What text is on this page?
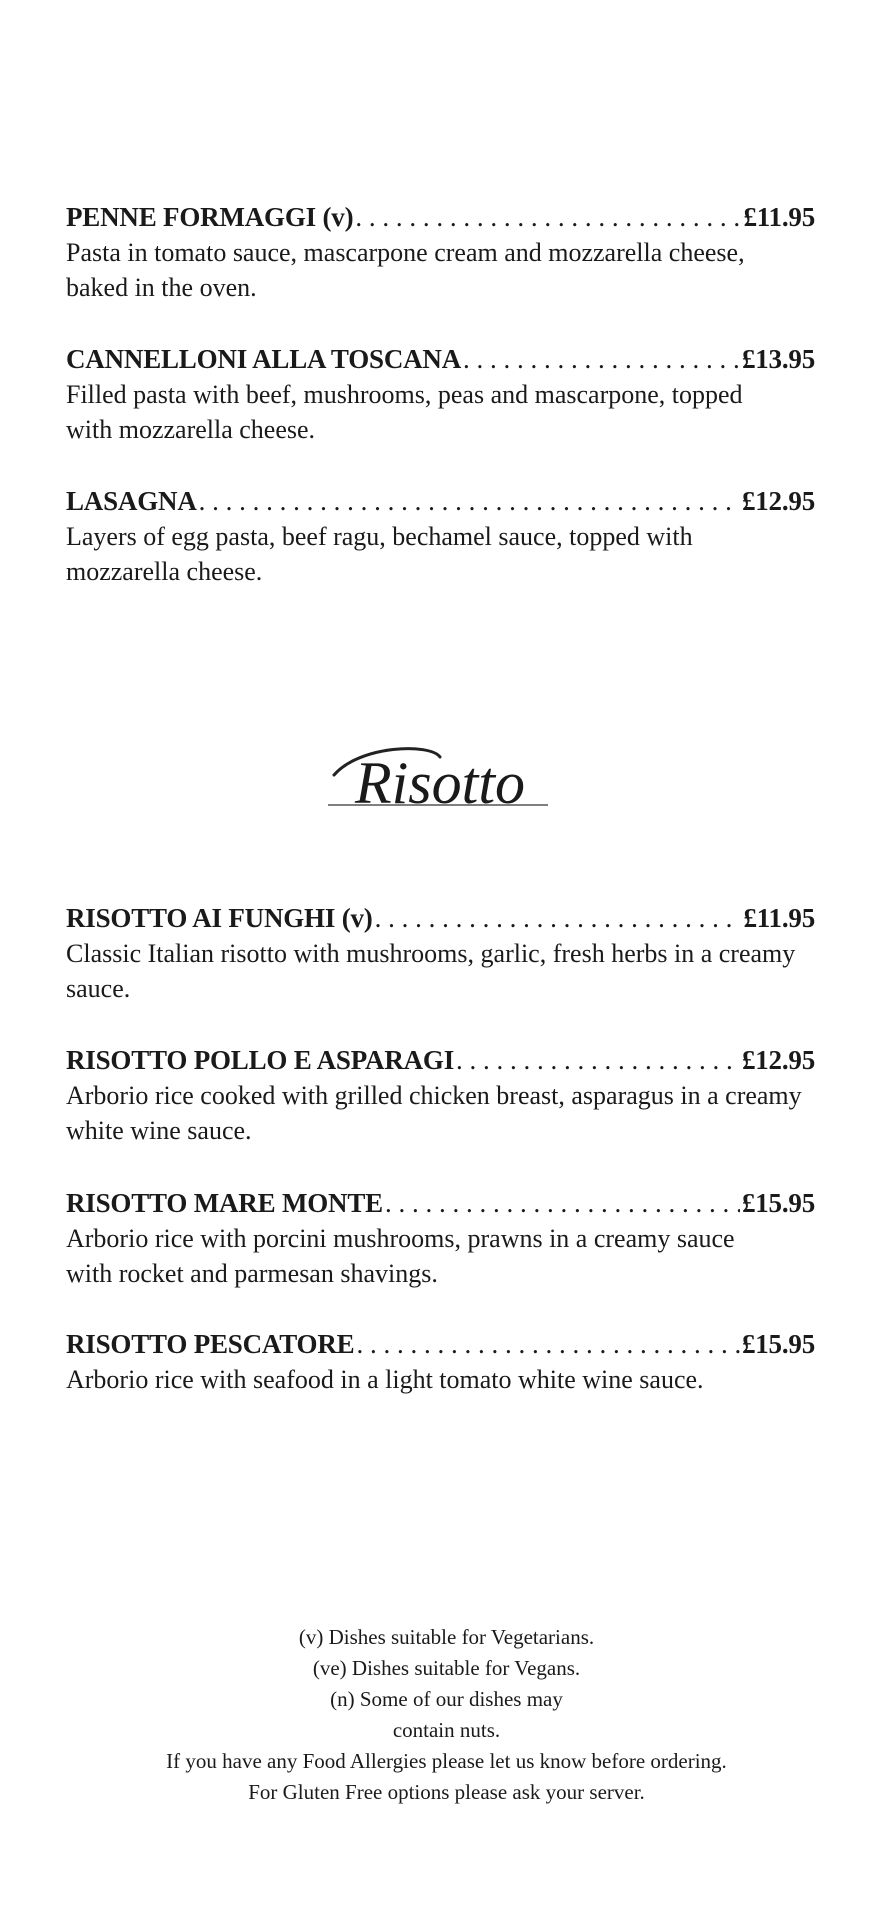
PENNE FORMAGGI (v) . . .	£11.95
Pasta in tomato sauce, mascarpone cream and mozzarella cheese, baked in the oven.
CANNELLONI ALLA TOSCANA . . .	£13.95
Filled pasta with beef, mushrooms, peas and mascarpone, topped with mozzarella cheese.
LASAGNA . . .	£12.95
Layers of egg pasta, beef ragu, bechamel sauce, topped with mozzarella cheese.
Risotto
RISOTTO AI FUNGHI (v) . . .	£11.95
Classic Italian risotto with mushrooms, garlic, fresh herbs in a creamy sauce.
RISOTTO POLLO E ASPARAGI . . .	£12.95
Arborio rice cooked with grilled chicken breast, asparagus in a creamy white wine sauce.
RISOTTO MARE MONTE . . .	£15.95
Arborio rice with porcini mushrooms, prawns in a creamy sauce with rocket and parmesan shavings.
RISOTTO PESCATORE . . .	£15.95
Arborio rice with seafood in a light tomato white wine sauce.
(v) Dishes suitable for Vegetarians.
(ve) Dishes suitable for Vegans.
(n) Some of our dishes may
contain nuts.
If you have any Food Allergies please let us know before ordering.
For Gluten Free options please ask your server.
